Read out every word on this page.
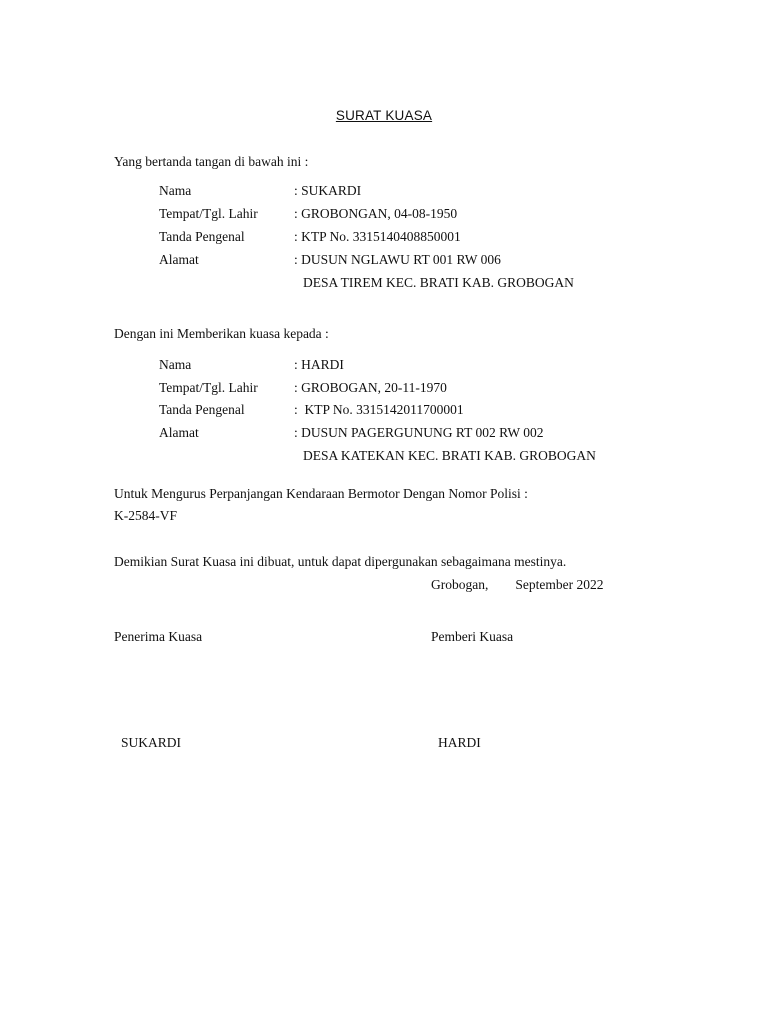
SURAT KUASA
Yang bertanda tangan di bawah ini :
Nama	: SUKARDI
Tempat/Tgl. Lahir	: GROBONGAN, 04-08-1950
Tanda Pengenal	: KTP No. 3315140408850001
Alamat	: DUSUN NGLAWU RT 001 RW 006
DESA TIREM KEC. BRATI KAB. GROBOGAN
Dengan ini Memberikan kuasa kepada :
Nama	: HARDI
Tempat/Tgl. Lahir	: GROBOGAN, 20-11-1970
Tanda Pengenal	:  KTP No. 3315142011700001
Alamat	: DUSUN PAGERGUNUNG RT 002 RW 002
DESA KATEKAN KEC. BRATI KAB. GROBOGAN
Untuk Mengurus Perpanjangan Kendaraan Bermotor Dengan Nomor Polisi :
K-2584-VF
Demikian Surat Kuasa ini dibuat, untuk dapat dipergunakan sebagaimana mestinya.
Grobogan,        September 2022
Penerima Kuasa	Pemberi Kuasa
SUKARDI	HARDI
